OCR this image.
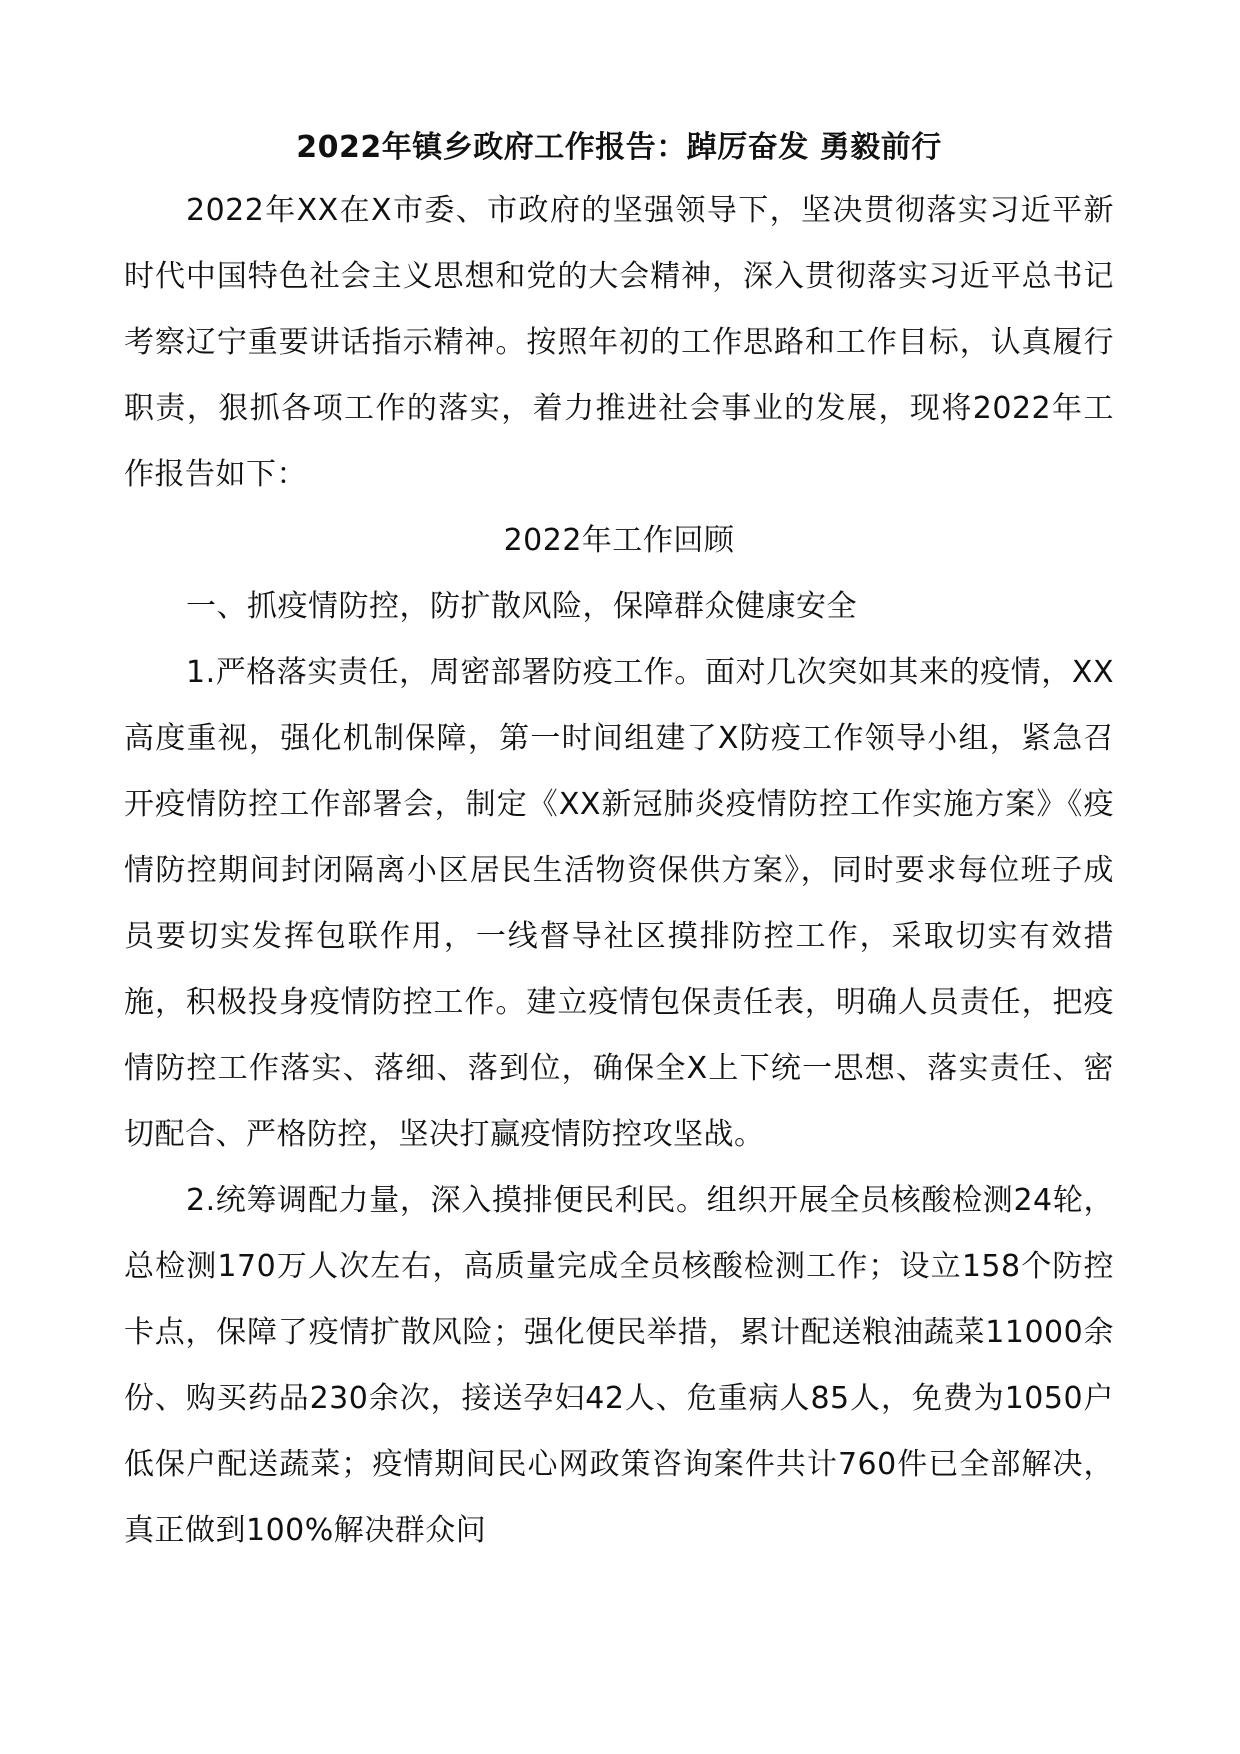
2022年镇乡政府工作报告：踔厉奋发 勇毅前行

2022年XX在X市委、市政府的坚强领导下，坚决贯彻落实习近平新时代中国特色社会主义思想和党的大会精神，深入贯彻落实习近平总书记考察辽宁重要讲话指示精神。按照年初的工作思路和工作目标，认真履行职责，狠抓各项工作的落实，着力推进社会事业的发展，现将2022年工作报告如下：

2022年工作回顾

一、抓疫情防控，防扩散风险，保障群众健康安全

1.严格落实责任，周密部署防疫工作。面对几次突如其来的疫情，XX高度重视，强化机制保障，第一时间组建了X防疫工作领导小组，紧急召开疫情防控工作部署会，制定《XX新冠肺炎疫情防控工作实施方案》《疫情防控期间封闭隔离小区居民生活物资保供方案》，同时要求每位班子成员要切实发挥包联作用，一线督导社区摸排防控工作，采取切实有效措施，积极投身疫情防控工作。建立疫情包保责任表，明确人员责任，把疫情防控工作落实、落细、落到位，确保全X上下统一思想、落实责任、密切配合、严格防控，坚决打赢疫情防控攻坚战。

2.统筹调配力量，深入摸排便民利民。组织开展全员核酸检测24轮，总检测170万人次左右，高质量完成全员核酸检测工作；设立158个防控卡点，保障了疫情扩散风险；强化便民举措，累计配送粮油蔬菜11000余份、购买药品230余次，接送孕妇42人、危重病人85人，免费为1050户低保户配送蔬菜；疫情期间民心网政策咨询案件共计760件已全部解决，真正做到100%解决群众问
